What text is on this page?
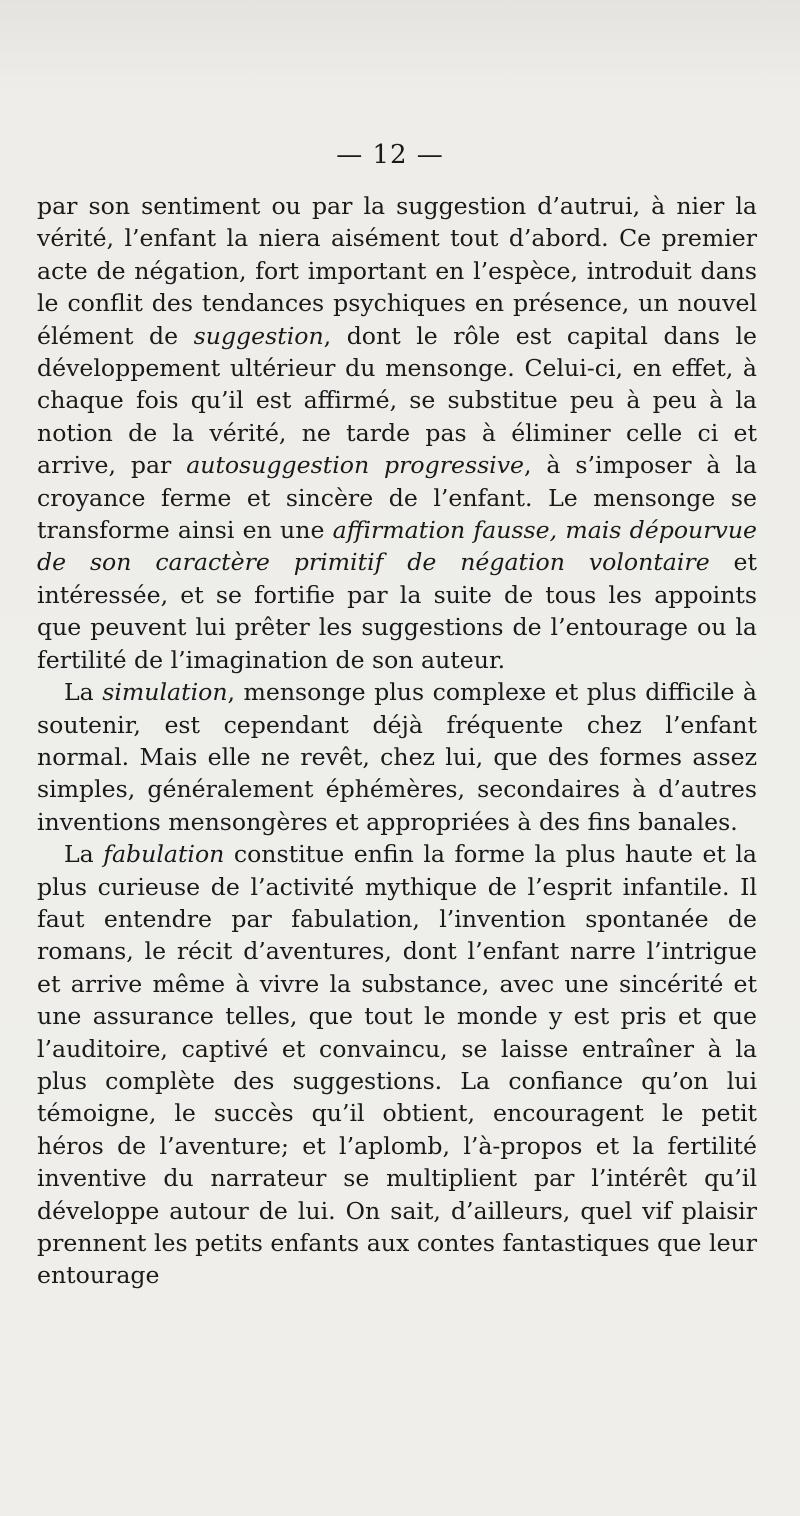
— 12 —

par son sentiment ou par la suggestion d’autrui, à nier la vérité, l’enfant la niera aisément tout d’abord. Ce premier acte de négation, fort important en l’espèce, introduit dans le conflit des tendances psychiques en présence, un nouvel élément de suggestion, dont le rôle est capital dans le développement ultérieur du mensonge. Celui-ci, en effet, à chaque fois qu’il est affirmé, se substitue peu à peu à la notion de la vérité, ne tarde pas à éliminer celle ci et arrive, par autosuggestion progressive, à s’imposer à la croyance ferme et sincère de l’enfant. Le mensonge se transforme ainsi en une affirmation fausse, mais dépourvue de son caractère primitif de négation volontaire et intéressée, et se fortifie par la suite de tous les appoints que peuvent lui prêter les suggestions de l’entourage ou la fertilité de l’imagination de son auteur.

La simulation, mensonge plus complexe et plus difficile à soutenir, est cependant déjà fréquente chez l’enfant normal. Mais elle ne revêt, chez lui, que des formes assez simples, généralement éphémères, secondaires à d’autres inventions mensongères et appropriées à des fins banales.

La fabulation constitue enfin la forme la plus haute et la plus curieuse de l’activité mythique de l’esprit infantile. Il faut entendre par fabulation, l’invention spontanée de romans, le récit d’aventures, dont l’enfant narre l’intrigue et arrive même à vivre la substance, avec une sincérité et une assurance telles, que tout le monde y est pris et que l’auditoire, captivé et convaincu, se laisse entraîner à la plus complète des suggestions. La confiance qu’on lui témoigne, le succès qu’il obtient, encouragent le petit héros de l’aventure; et l’aplomb, l’à-propos et la fertilité inventive du narrateur se multiplient par l’intérêt qu’il développe autour de lui. On sait, d’ailleurs, quel vif plaisir prennent les petits enfants aux contes fantastiques que leur entourage
